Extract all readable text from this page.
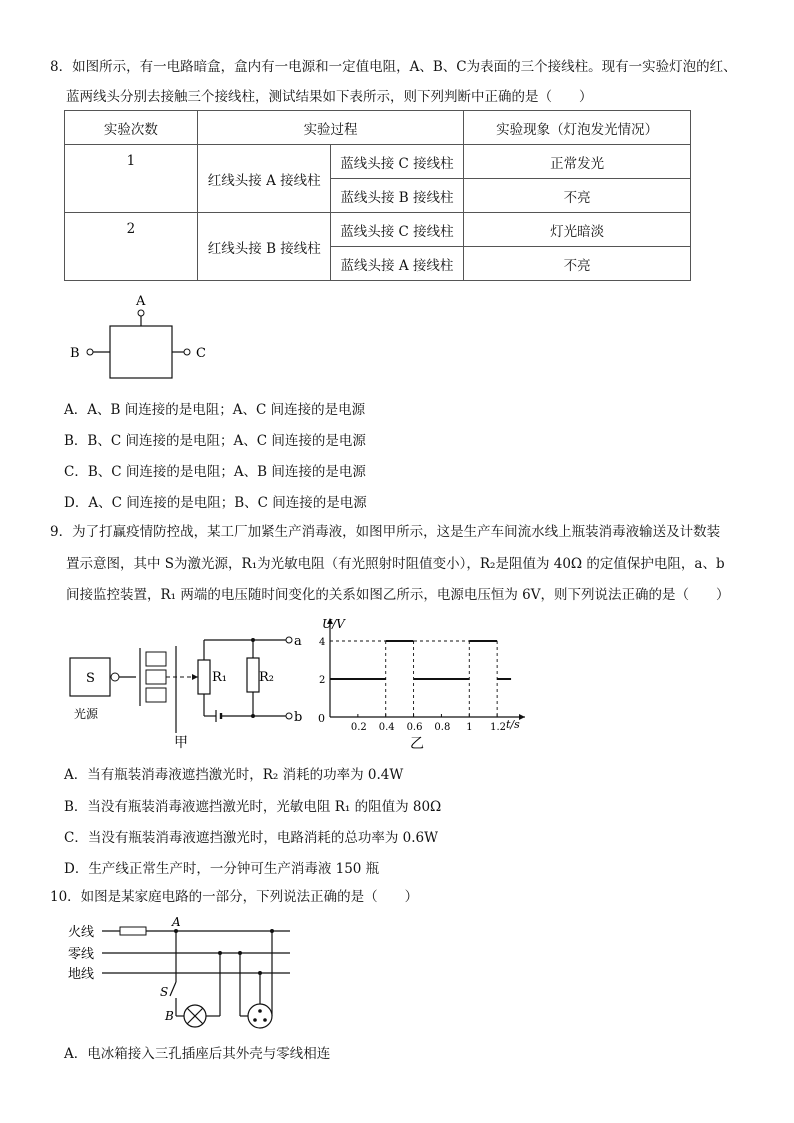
8．如图所示，有一电路暗盒，盒内有一电源和一定值电阻，A、B、C为表面的三个接线柱。现有一实验灯泡的红、
蓝两线头分别去接触三个接线柱，测试结果如下表所示，则下列判断中正确的是（　　）
实验次数	实验过程		实验现象（灯泡发光情况）
1	红线头接 A 接线柱	蓝线头接 C 接线柱	正常发光
		蓝线头接 B 接线柱	不亮
2	红线头接 B 接线柱	蓝线头接 C 接线柱	灯光暗淡
		蓝线头接 A 接线柱	不亮
A
B	C
A．A、B 间连接的是电阻；A、C 间连接的是电源
B．B、C 间连接的是电阻；A、C 间连接的是电源
C．B、C 间连接的是电阻；A、B 间连接的是电源
D．A、C 间连接的是电阻；B、C 间连接的是电源
9．为了打赢疫情防控战，某工厂加紧生产消毒液，如图甲所示，这是生产车间流水线上瓶装消毒液输送及计数装
置示意图，其中 S为激光源，R₁为光敏电阻（有光照射时阻值变小），R₂是阻值为 40Ω 的定值保护电阻，a、b
间接监控装置，R₁ 两端的电压随时间变化的关系如图乙所示，电源电压恒为 6V，则下列说法正确的是（　　）
S
光源
R₁ R₂
a
b
甲
0.2 0.4 0.6 0.8 1 1.2
2
4
U/V
t/s
0
乙
A．当有瓶装消毒液遮挡激光时，R₂ 消耗的功率为 0.4W
B．当没有瓶装消毒液遮挡激光时，光敏电阻 R₁ 的阻值为 80Ω
C．当没有瓶装消毒液遮挡激光时，电路消耗的总功率为 0.6W
D．生产线正常生产时，一分钟可生产消毒液 150 瓶
10．如图是某家庭电路的一部分，下列说法正确的是（　　）
火线
零线
地线
A
S
B
A．电冰箱接入三孔插座后其外壳与零线相连
